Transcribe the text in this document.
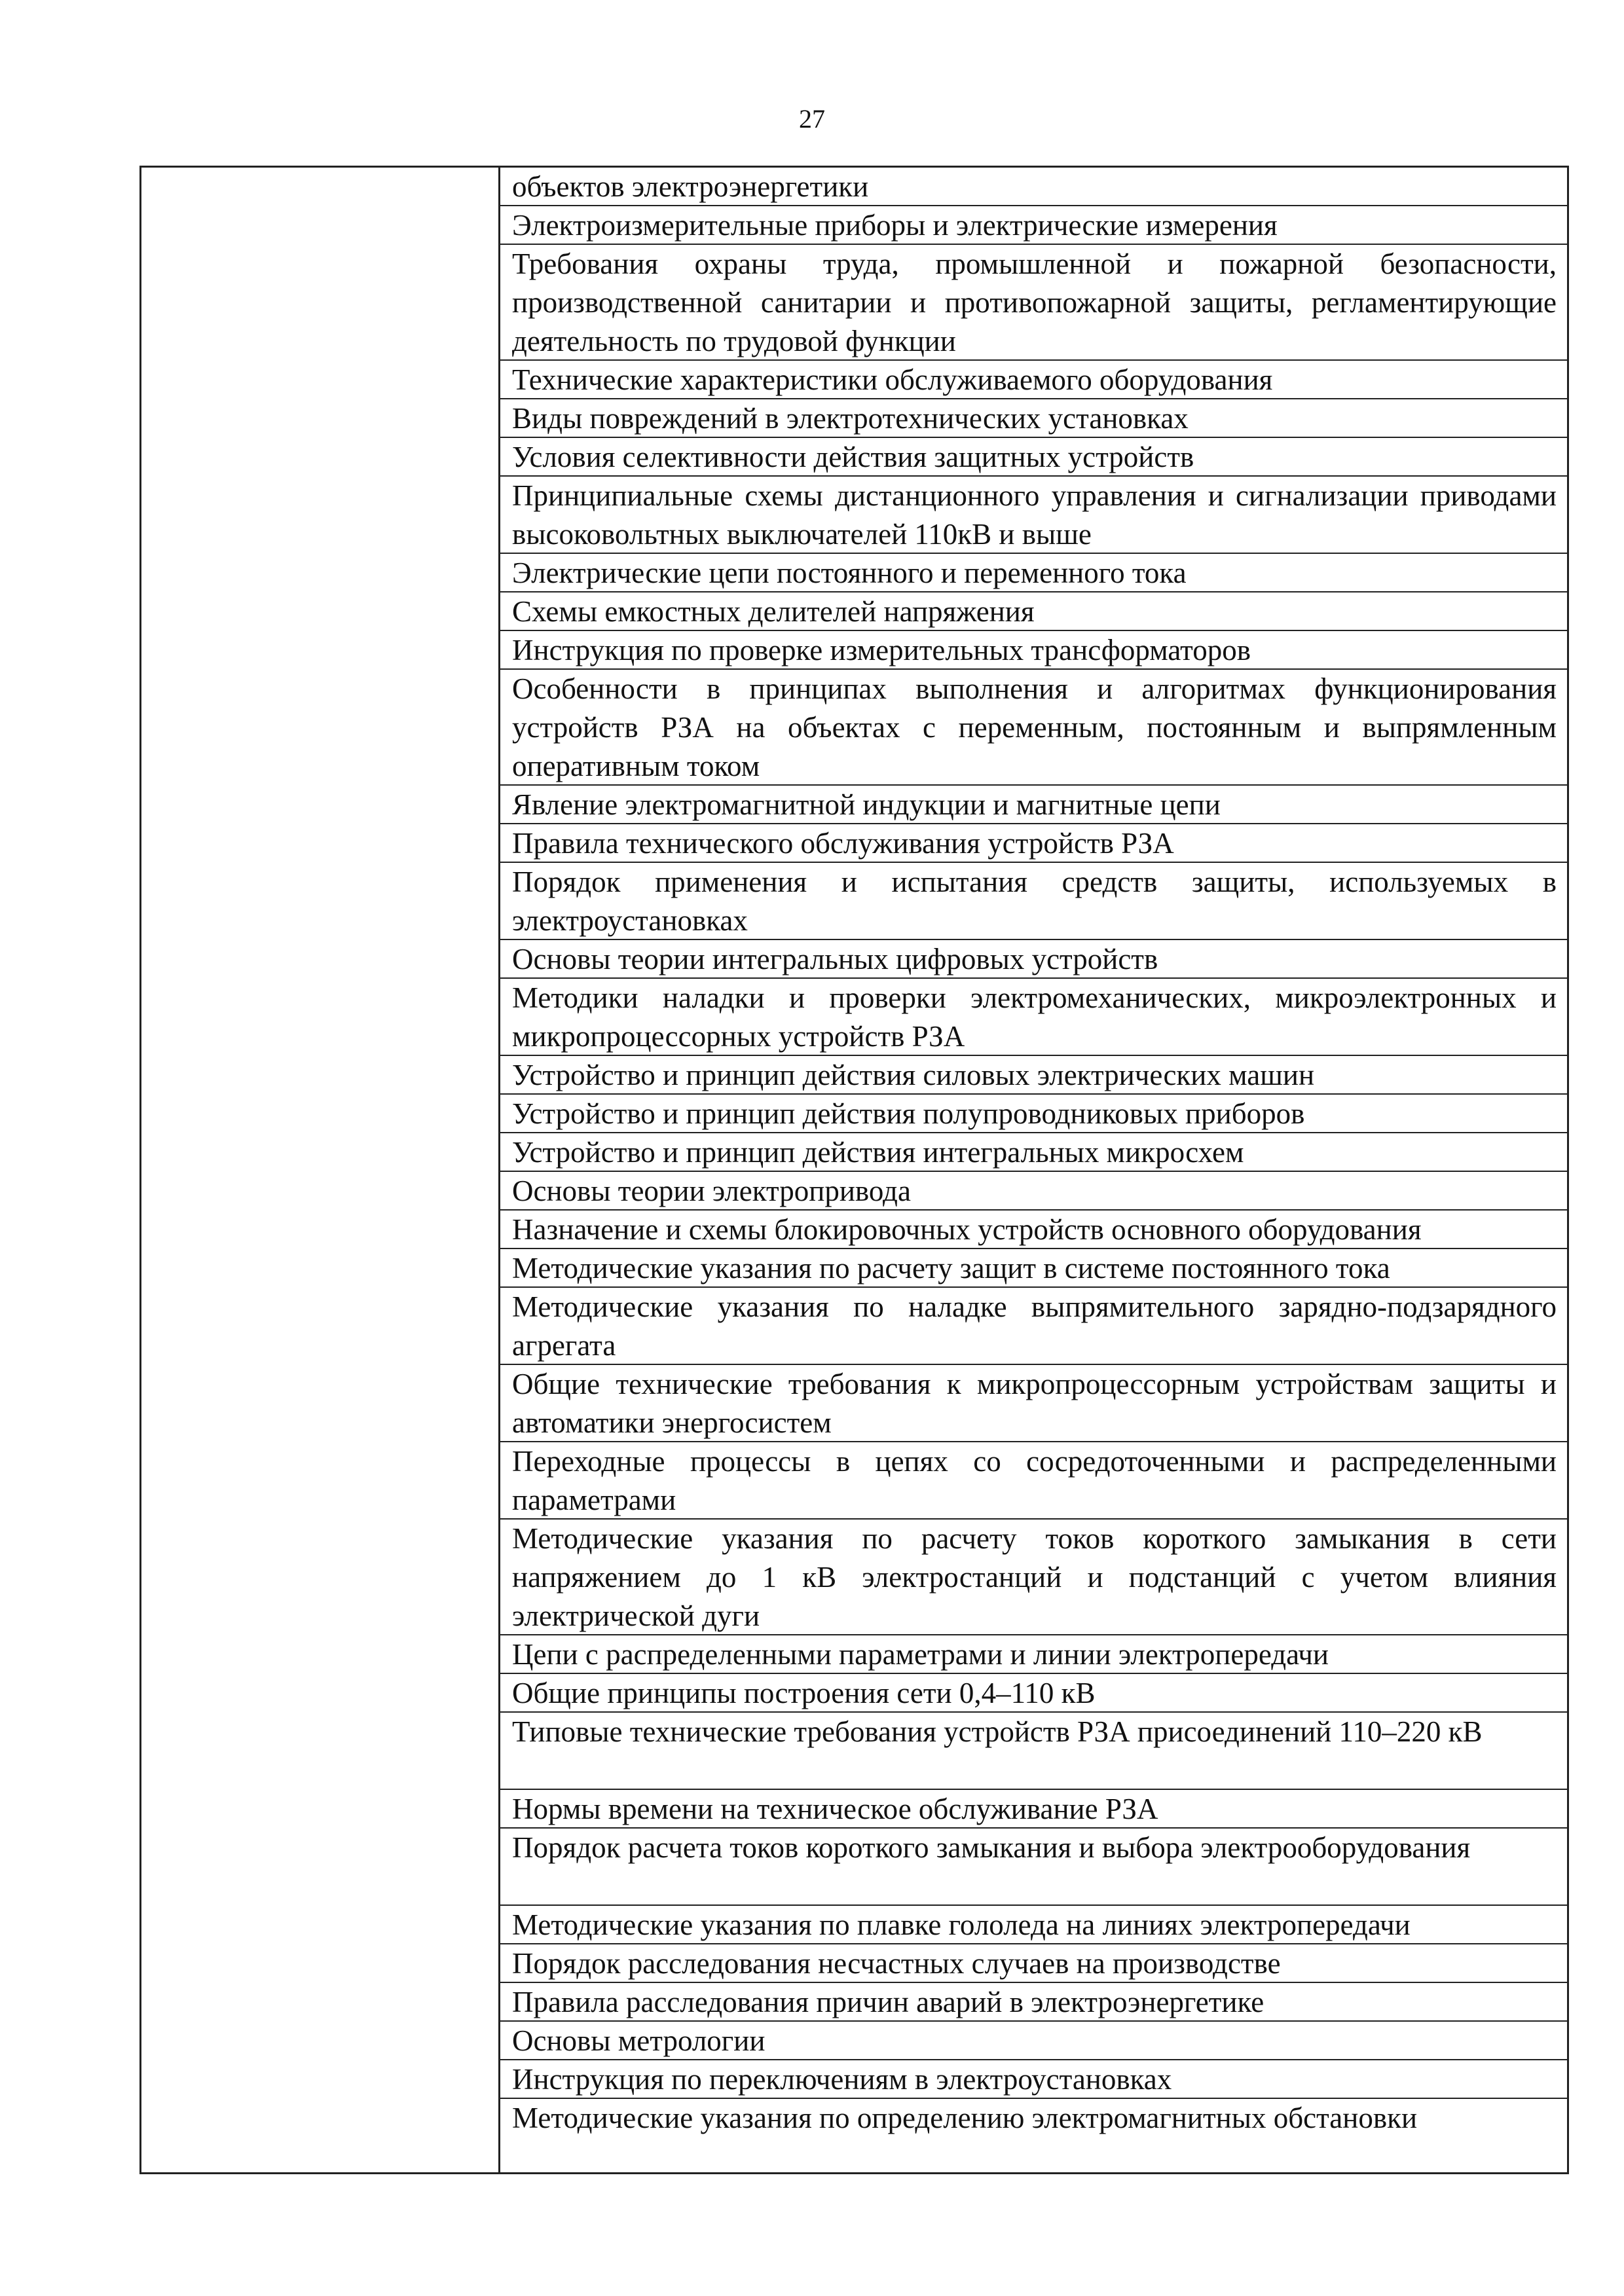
27
объектов электроэнергетики
Электроизмерительные приборы и электрические измерения
Требования охраны труда, промышленной и пожарной безопасности, производственной санитарии и противопожарной защиты, регламентирующие деятельность по трудовой функции
Технические характеристики обслуживаемого оборудования
Виды повреждений в электротехнических установках
Условия селективности действия защитных устройств
Принципиальные схемы дистанционного управления и сигнализации приводами высоковольтных выключателей 110кВ и выше
Электрические цепи постоянного и переменного тока
Схемы емкостных делителей напряжения
Инструкция по проверке измерительных трансформаторов
Особенности в принципах выполнения и алгоритмах функционирования устройств РЗА на объектах с переменным, постоянным и выпрямленным оперативным током
Явление электромагнитной индукции и магнитные цепи
Правила технического обслуживания устройств РЗА
Порядок применения и испытания средств защиты, используемых в электроустановках
Основы теории интегральных цифровых устройств
Методики наладки и проверки электромеханических, микроэлектронных и микропроцессорных устройств РЗА
Устройство и принцип действия силовых электрических машин
Устройство и принцип действия полупроводниковых приборов
Устройство и принцип действия интегральных микросхем
Основы теории электропривода
Назначение и схемы блокировочных устройств основного оборудования
Методические указания по расчету защит в системе постоянного тока
Методические указания по наладке выпрямительного зарядно-подзарядного агрегата
Общие технические требования к микропроцессорным устройствам защиты и автоматики энергосистем
Переходные процессы в цепях со сосредоточенными и распределенными параметрами
Методические указания по расчету токов короткого замыкания в сети напряжением до 1 кВ электростанций и подстанций с учетом влияния электрической дуги
Цепи с распределенными параметрами и линии электропередачи
Общие принципы построения сети 0,4–110 кВ
Типовые технические требования устройств РЗА присоединений 110–220 кВ
Нормы времени на техническое обслуживание РЗА
Порядок расчета токов короткого замыкания и выбора электрооборудования
Методические указания по плавке гололеда на линиях электропередачи
Порядок расследования несчастных случаев на производстве
Правила расследования причин аварий в электроэнергетике
Основы метрологии
Инструкция по переключениям в электроустановках
Методические указания по определению электромагнитных обстановки
